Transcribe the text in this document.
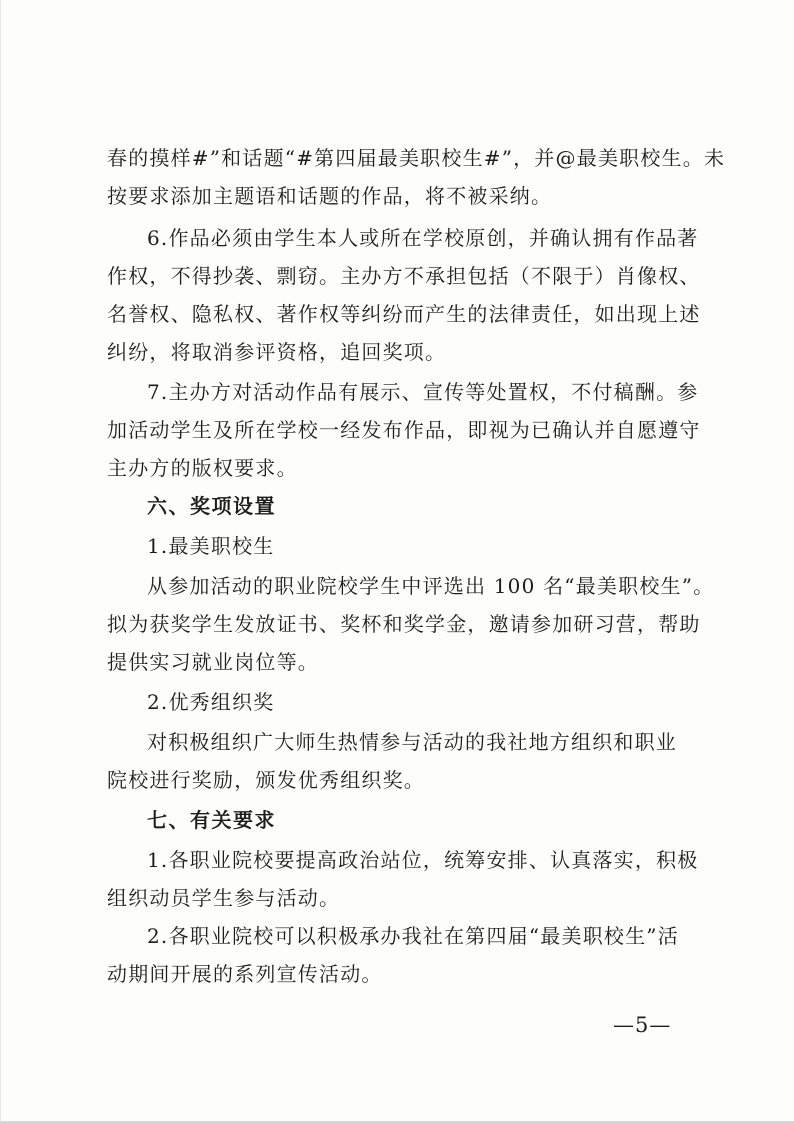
春的摸样#”和话题“#第四届最美职校生#”，并@最美职校生。未
按要求添加主题语和话题的作品，将不被采纳。
6.作品必须由学生本人或所在学校原创，并确认拥有作品著
作权，不得抄袭、剽窃。主办方不承担包括（不限于）肖像权、
名誉权、隐私权、著作权等纠纷而产生的法律责任，如出现上述
纠纷，将取消参评资格，追回奖项。
7.主办方对活动作品有展示、宣传等处置权，不付稿酬。参
加活动学生及所在学校一经发布作品，即视为已确认并自愿遵守
主办方的版权要求。
六、奖项设置
1.最美职校生
从参加活动的职业院校学生中评选出 100 名“最美职校生”。
拟为获奖学生发放证书、奖杯和奖学金，邀请参加研习营，帮助
提供实习就业岗位等。
2.优秀组织奖
对积极组织广大师生热情参与活动的我社地方组织和职业
院校进行奖励，颁发优秀组织奖。
七、有关要求
1.各职业院校要提高政治站位，统筹安排、认真落实，积极
组织动员学生参与活动。
2.各职业院校可以积极承办我社在第四届“最美职校生”活
动期间开展的系列宣传活动。
—5—
